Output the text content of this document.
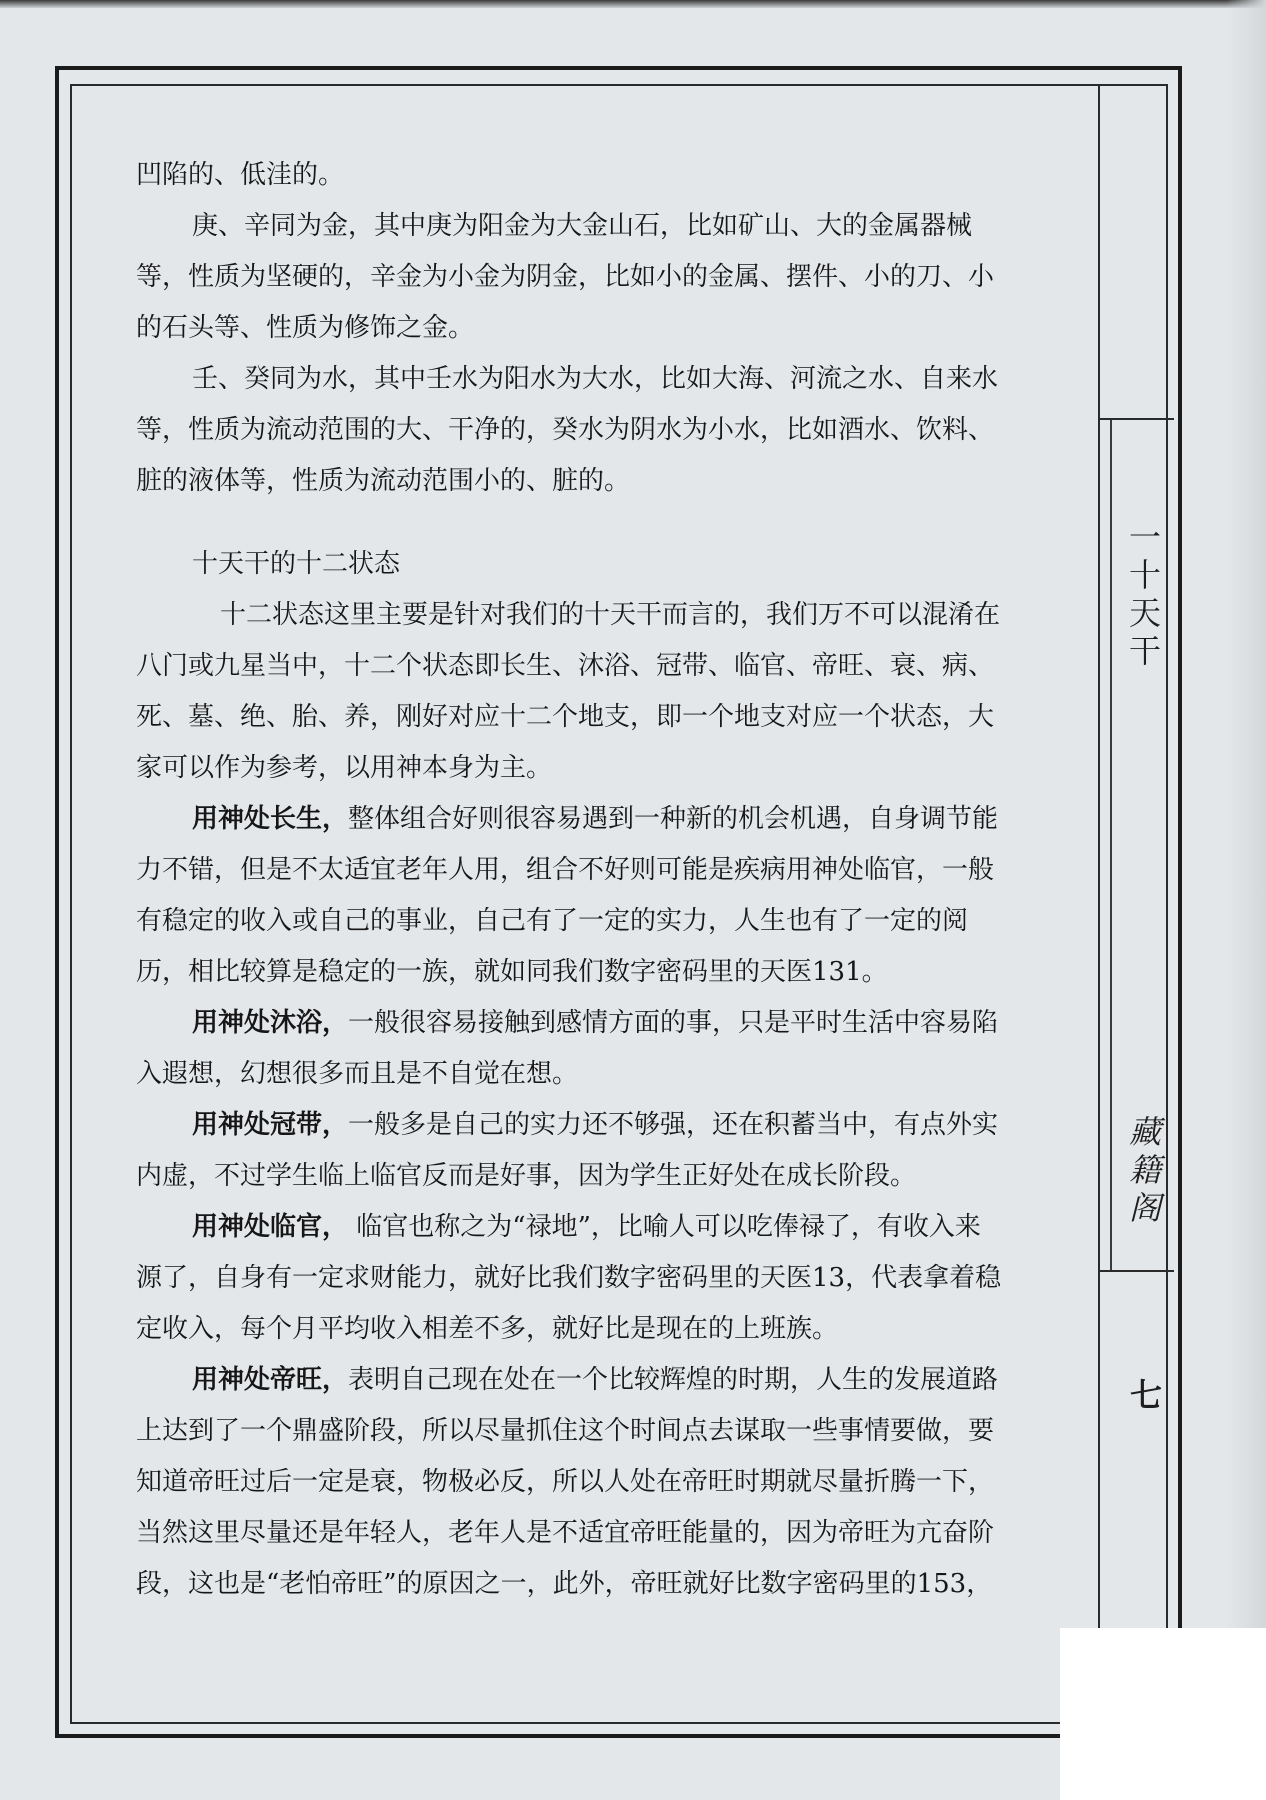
一十天干
藏籍阁
七

凹陷的、低洼的。

庚、辛同为金，其中庚为阳金为大金山石，比如矿山、大的金属器械

等，性质为坚硬的，辛金为小金为阴金，比如小的金属、摆件、小的刀、小

的石头等、性质为修饰之金。

壬、癸同为水，其中壬水为阳水为大水，比如大海、河流之水、自来水

等，性质为流动范围的大、干净的，癸水为阴水为小水，比如酒水、饮料、

脏的液体等，性质为流动范围小的、脏的。

十天干的十二状态

十二状态这里主要是针对我们的十天干而言的，我们万不可以混淆在

八门或九星当中，十二个状态即长生、沐浴、冠带、临官、帝旺、衰、病、

死、墓、绝、胎、养，刚好对应十二个地支，即一个地支对应一个状态，大

家可以作为参考，以用神本身为主。

用神处长生，整体组合好则很容易遇到一种新的机会机遇，自身调节能

力不错，但是不太适宜老年人用，组合不好则可能是疾病用神处临官，一般

有稳定的收入或自己的事业，自己有了一定的实力，人生也有了一定的阅

历，相比较算是稳定的一族，就如同我们数字密码里的天医131。

用神处沐浴，一般很容易接触到感情方面的事，只是平时生活中容易陷

入遐想，幻想很多而且是不自觉在想。

用神处冠带，一般多是自己的实力还不够强，还在积蓄当中，有点外实

内虚，不过学生临上临官反而是好事，因为学生正好处在成长阶段。

用神处临官， 临官也称之为“禄地”，比喻人可以吃俸禄了，有收入来

源了，自身有一定求财能力，就好比我们数字密码里的天医13，代表拿着稳

定收入，每个月平均收入相差不多，就好比是现在的上班族。

用神处帝旺，表明自己现在处在一个比较辉煌的时期，人生的发展道路

上达到了一个鼎盛阶段，所以尽量抓住这个时间点去谋取一些事情要做，要

知道帝旺过后一定是衰，物极必反，所以人处在帝旺时期就尽量折腾一下，

当然这里尽量还是年轻人，老年人是不适宜帝旺能量的，因为帝旺为亢奋阶

段，这也是“老怕帝旺”的原因之一，此外，帝旺就好比数字密码里的153，
